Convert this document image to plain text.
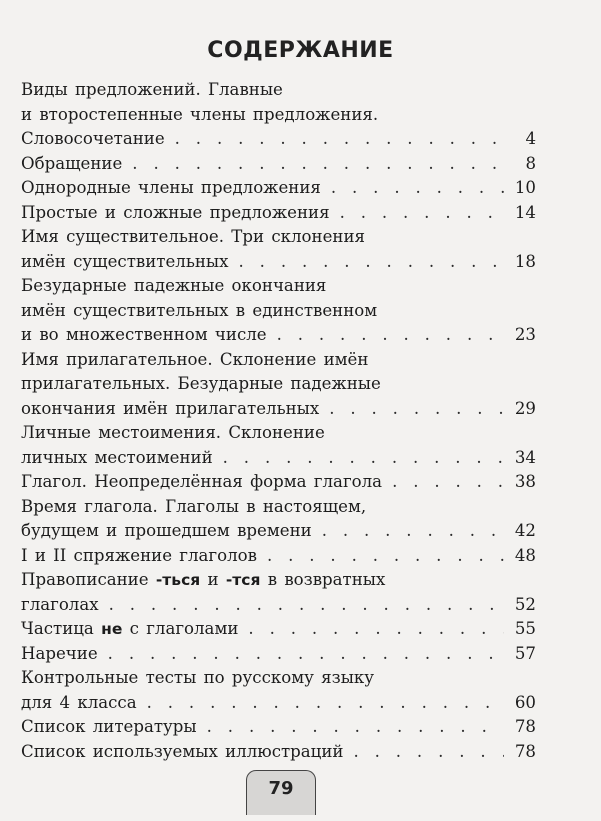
СОДЕРЖАНИЕ
Виды предложений. Главные
и второстепенные члены предложения.
Словосочетание . . .	4
Обращение . . .	8
Однородные члены предложения . . .	10
Простые и сложные предложения . . .	14
Имя существительное. Три склонения
имён существительных . . .	18
Безударные падежные окончания
имён существительных в единственном
и во множественном числе . . .	23
Имя прилагательное. Склонение имён
прилагательных. Безударные падежные
окончания имён прилагательных . . .	29
Личные местоимения. Склонение
личных местоимений . . .	34
Глагол. Неопределённая форма глагола . . .	38
Время глагола. Глаголы в настоящем,
будущем и прошедшем времени . . .	42
I и II спряжение глаголов . . .	48
Правописание -ться и -тся в возвратных
глаголах . . .	52
Частица не с глаголами . . .	55
Наречие . . .	57
Контрольные тесты по русскому языку
для 4 класса . . .	60
Список литературы . . .	78
Список используемых иллюстраций . . .	78
79
